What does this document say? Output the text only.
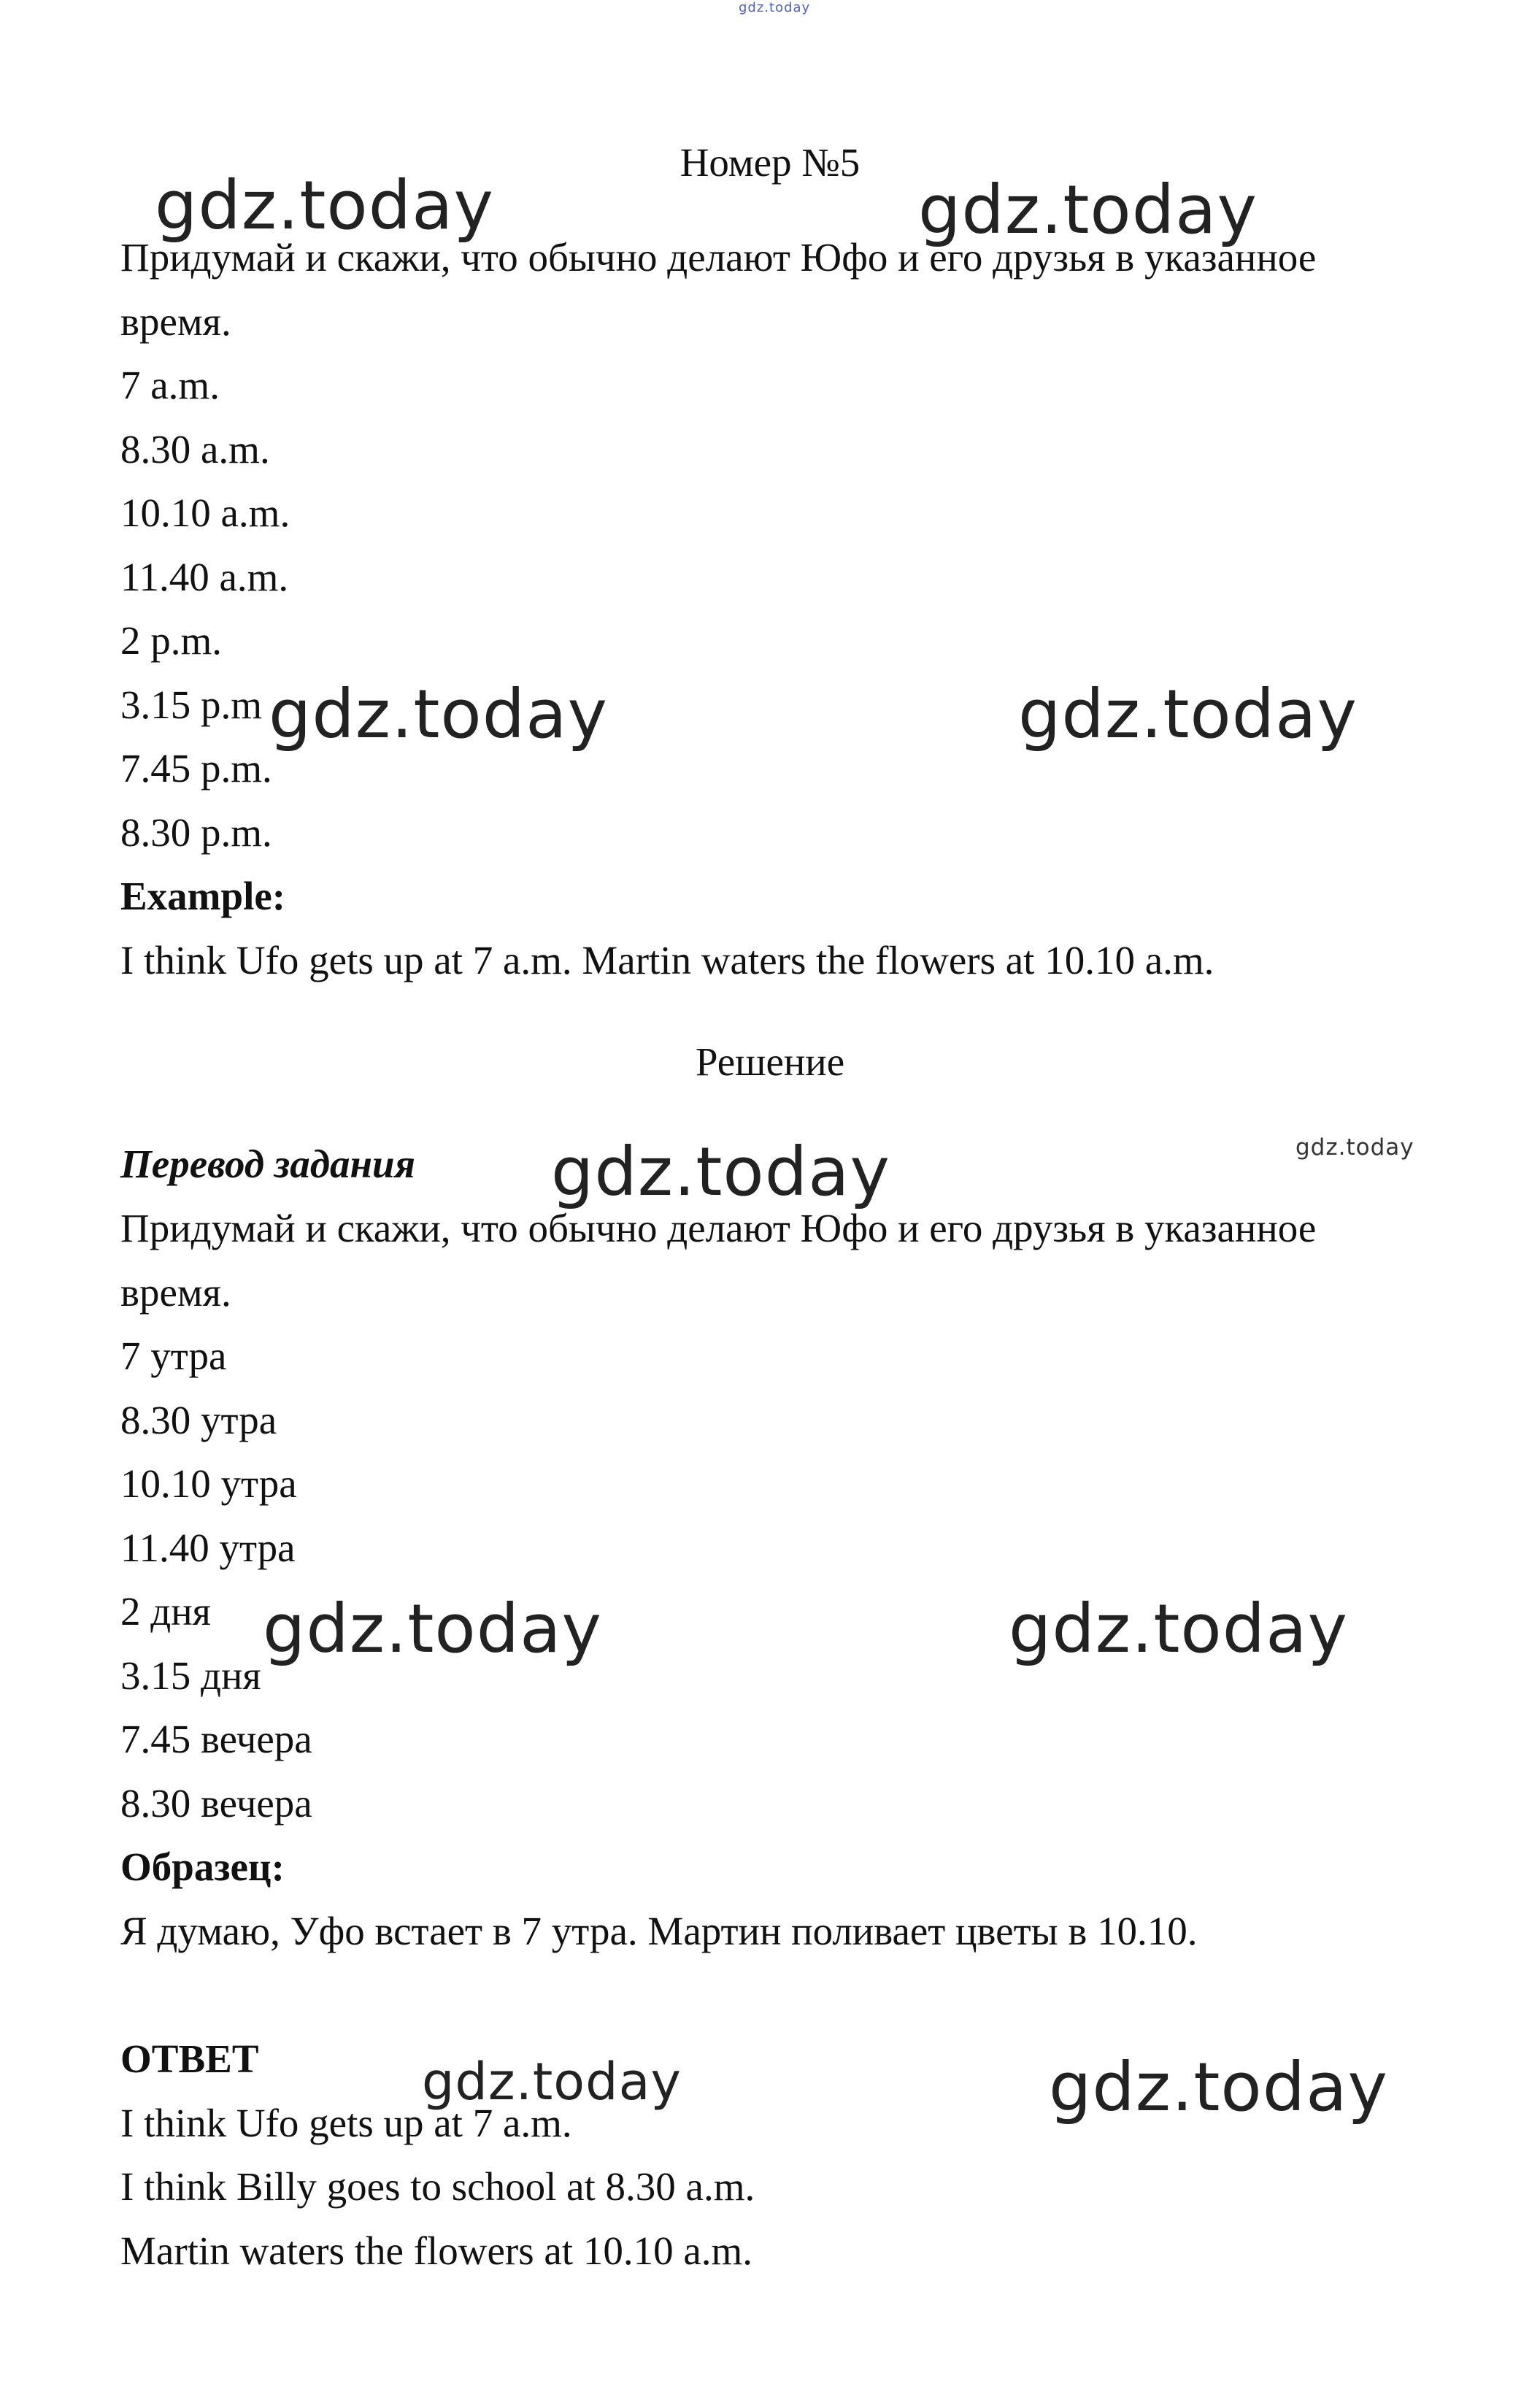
gdz.today
Номер №5
Придумай и скажи, что обычно делают Юфо и его друзья в указанное
время.
7 a.m.
8.30 a.m.
10.10 a.m.
11.40 a.m.
2 p.m.
3.15 p.m
7.45 p.m.
8.30 p.m.
Example:
I think Ufo gets up at 7 a.m. Martin waters the flowers at 10.10 a.m.
Решение
Перевод задания
Придумай и скажи, что обычно делают Юфо и его друзья в указанное
время.
7 утра
8.30 утра
10.10 утра
11.40 утра
2 дня
3.15 дня
7.45 вечера
8.30 вечера
Образец:
Я думаю, Уфо встает в 7 утра. Мартин поливает цветы в 10.10.
ОТВЕТ
I think Ufo gets up at 7 a.m.
I think Billy goes to school at 8.30 a.m.
Martin waters the flowers at 10.10 a.m.
gdz.today	gdz.today
gdz.today	gdz.today
gdz.today	gdz.today
gdz.today	gdz.today
gdz.today	gdz.today
